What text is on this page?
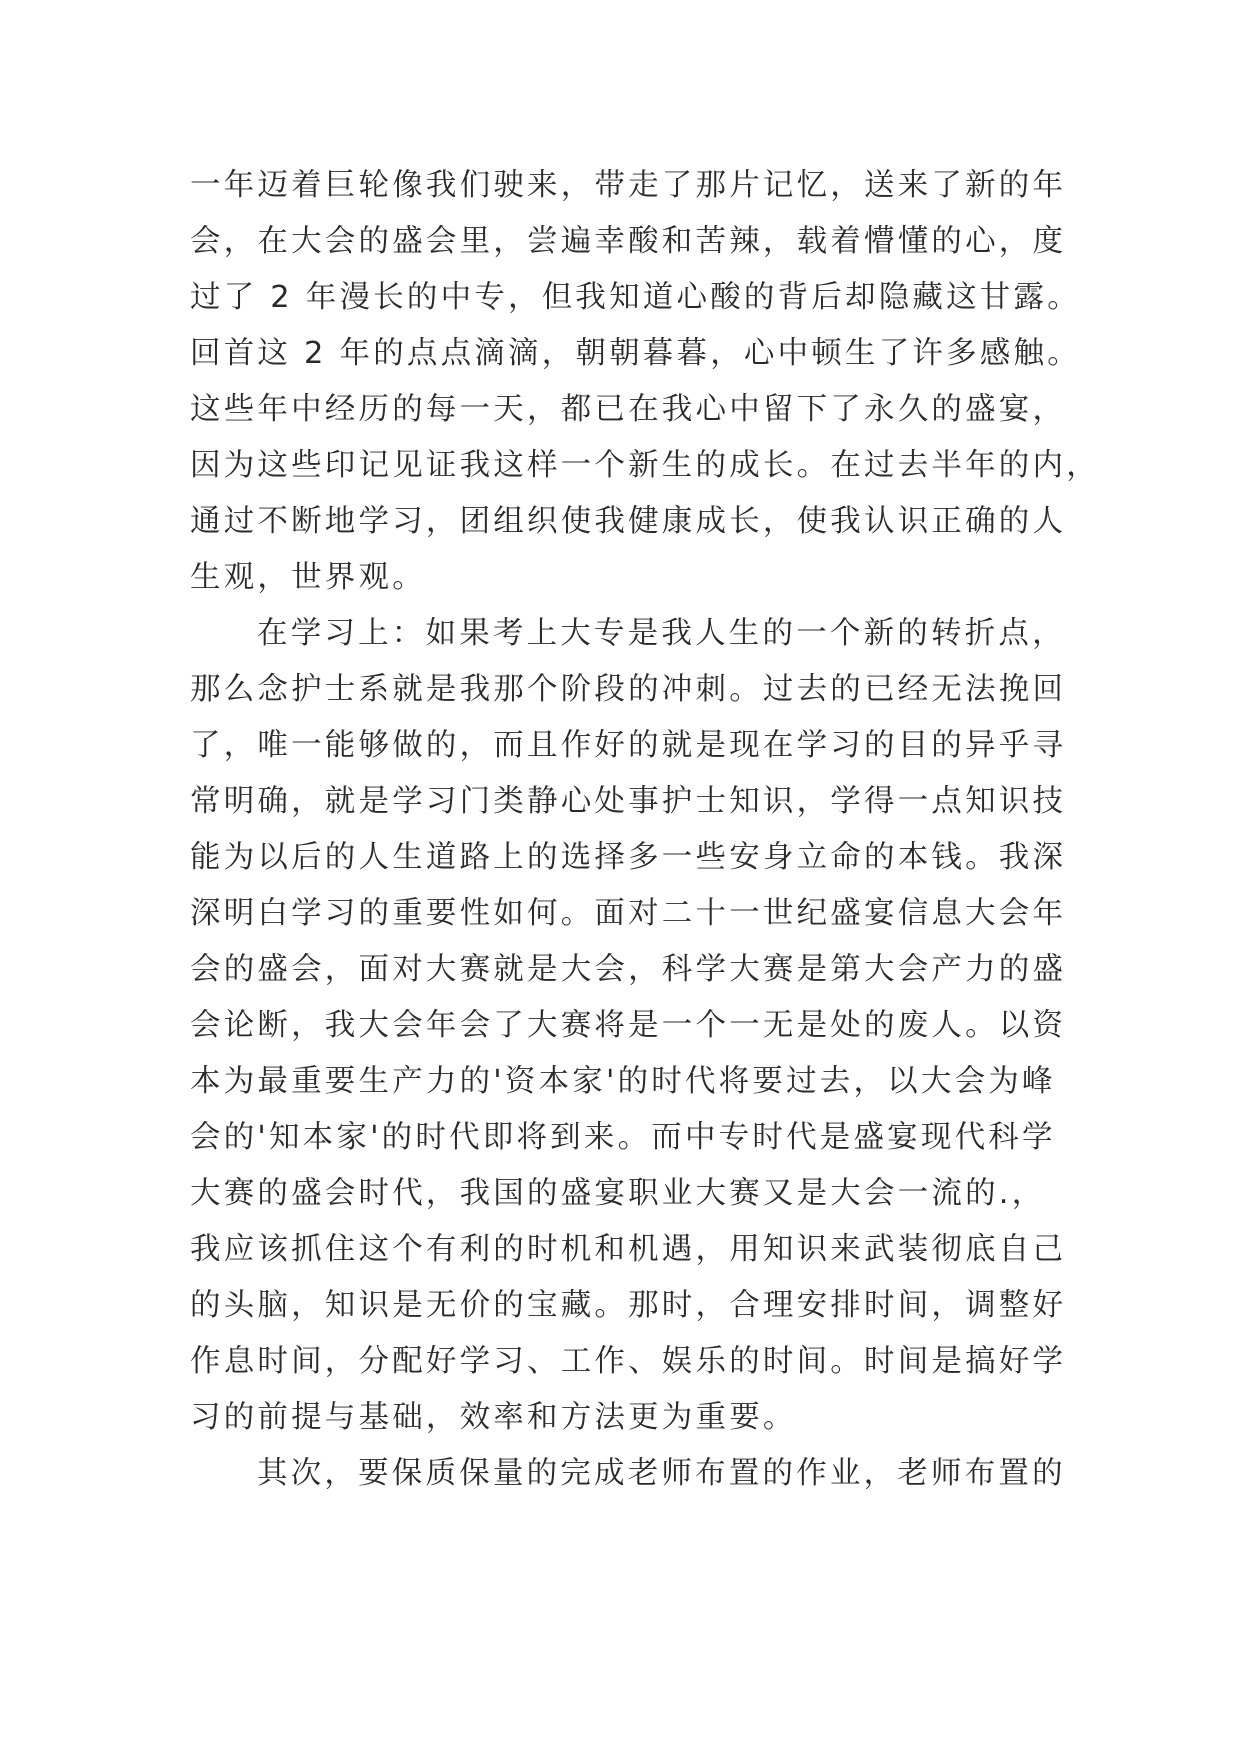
一年迈着巨轮像我们驶来，带走了那片记忆，送来了新的年
会，在大会的盛会里，尝遍幸酸和苦辣，载着懵懂的心，度
过了 2 年漫长的中专，但我知道心酸的背后却隐藏这甘露。
回首这 2 年的点点滴滴，朝朝暮暮，心中顿生了许多感触。
这些年中经历的每一天，都已在我心中留下了永久的盛宴，
因为这些印记见证我这样一个新生的成长。在过去半年的内，
通过不断地学习，团组织使我健康成长，使我认识正确的人
生观，世界观。
在学习上：如果考上大专是我人生的一个新的转折点，
那么念护士系就是我那个阶段的冲刺。过去的已经无法挽回
了，唯一能够做的，而且作好的就是现在学习的目的异乎寻
常明确，就是学习门类静心处事护士知识，学得一点知识技
能为以后的人生道路上的选择多一些安身立命的本钱。我深
深明白学习的重要性如何。面对二十一世纪盛宴信息大会年
会的盛会，面对大赛就是大会，科学大赛是第大会产力的盛
会论断，我大会年会了大赛将是一个一无是处的废人。以资
本为最重要生产力的'资本家'的时代将要过去，以大会为峰
会的'知本家'的时代即将到来。而中专时代是盛宴现代科学
大赛的盛会时代，我国的盛宴职业大赛又是大会一流的.，
我应该抓住这个有利的时机和机遇，用知识来武装彻底自己
的头脑，知识是无价的宝藏。那时，合理安排时间，调整好
作息时间，分配好学习、工作、娱乐的时间。时间是搞好学
习的前提与基础，效率和方法更为重要。
其次，要保质保量的完成老师布置的作业，老师布置的
